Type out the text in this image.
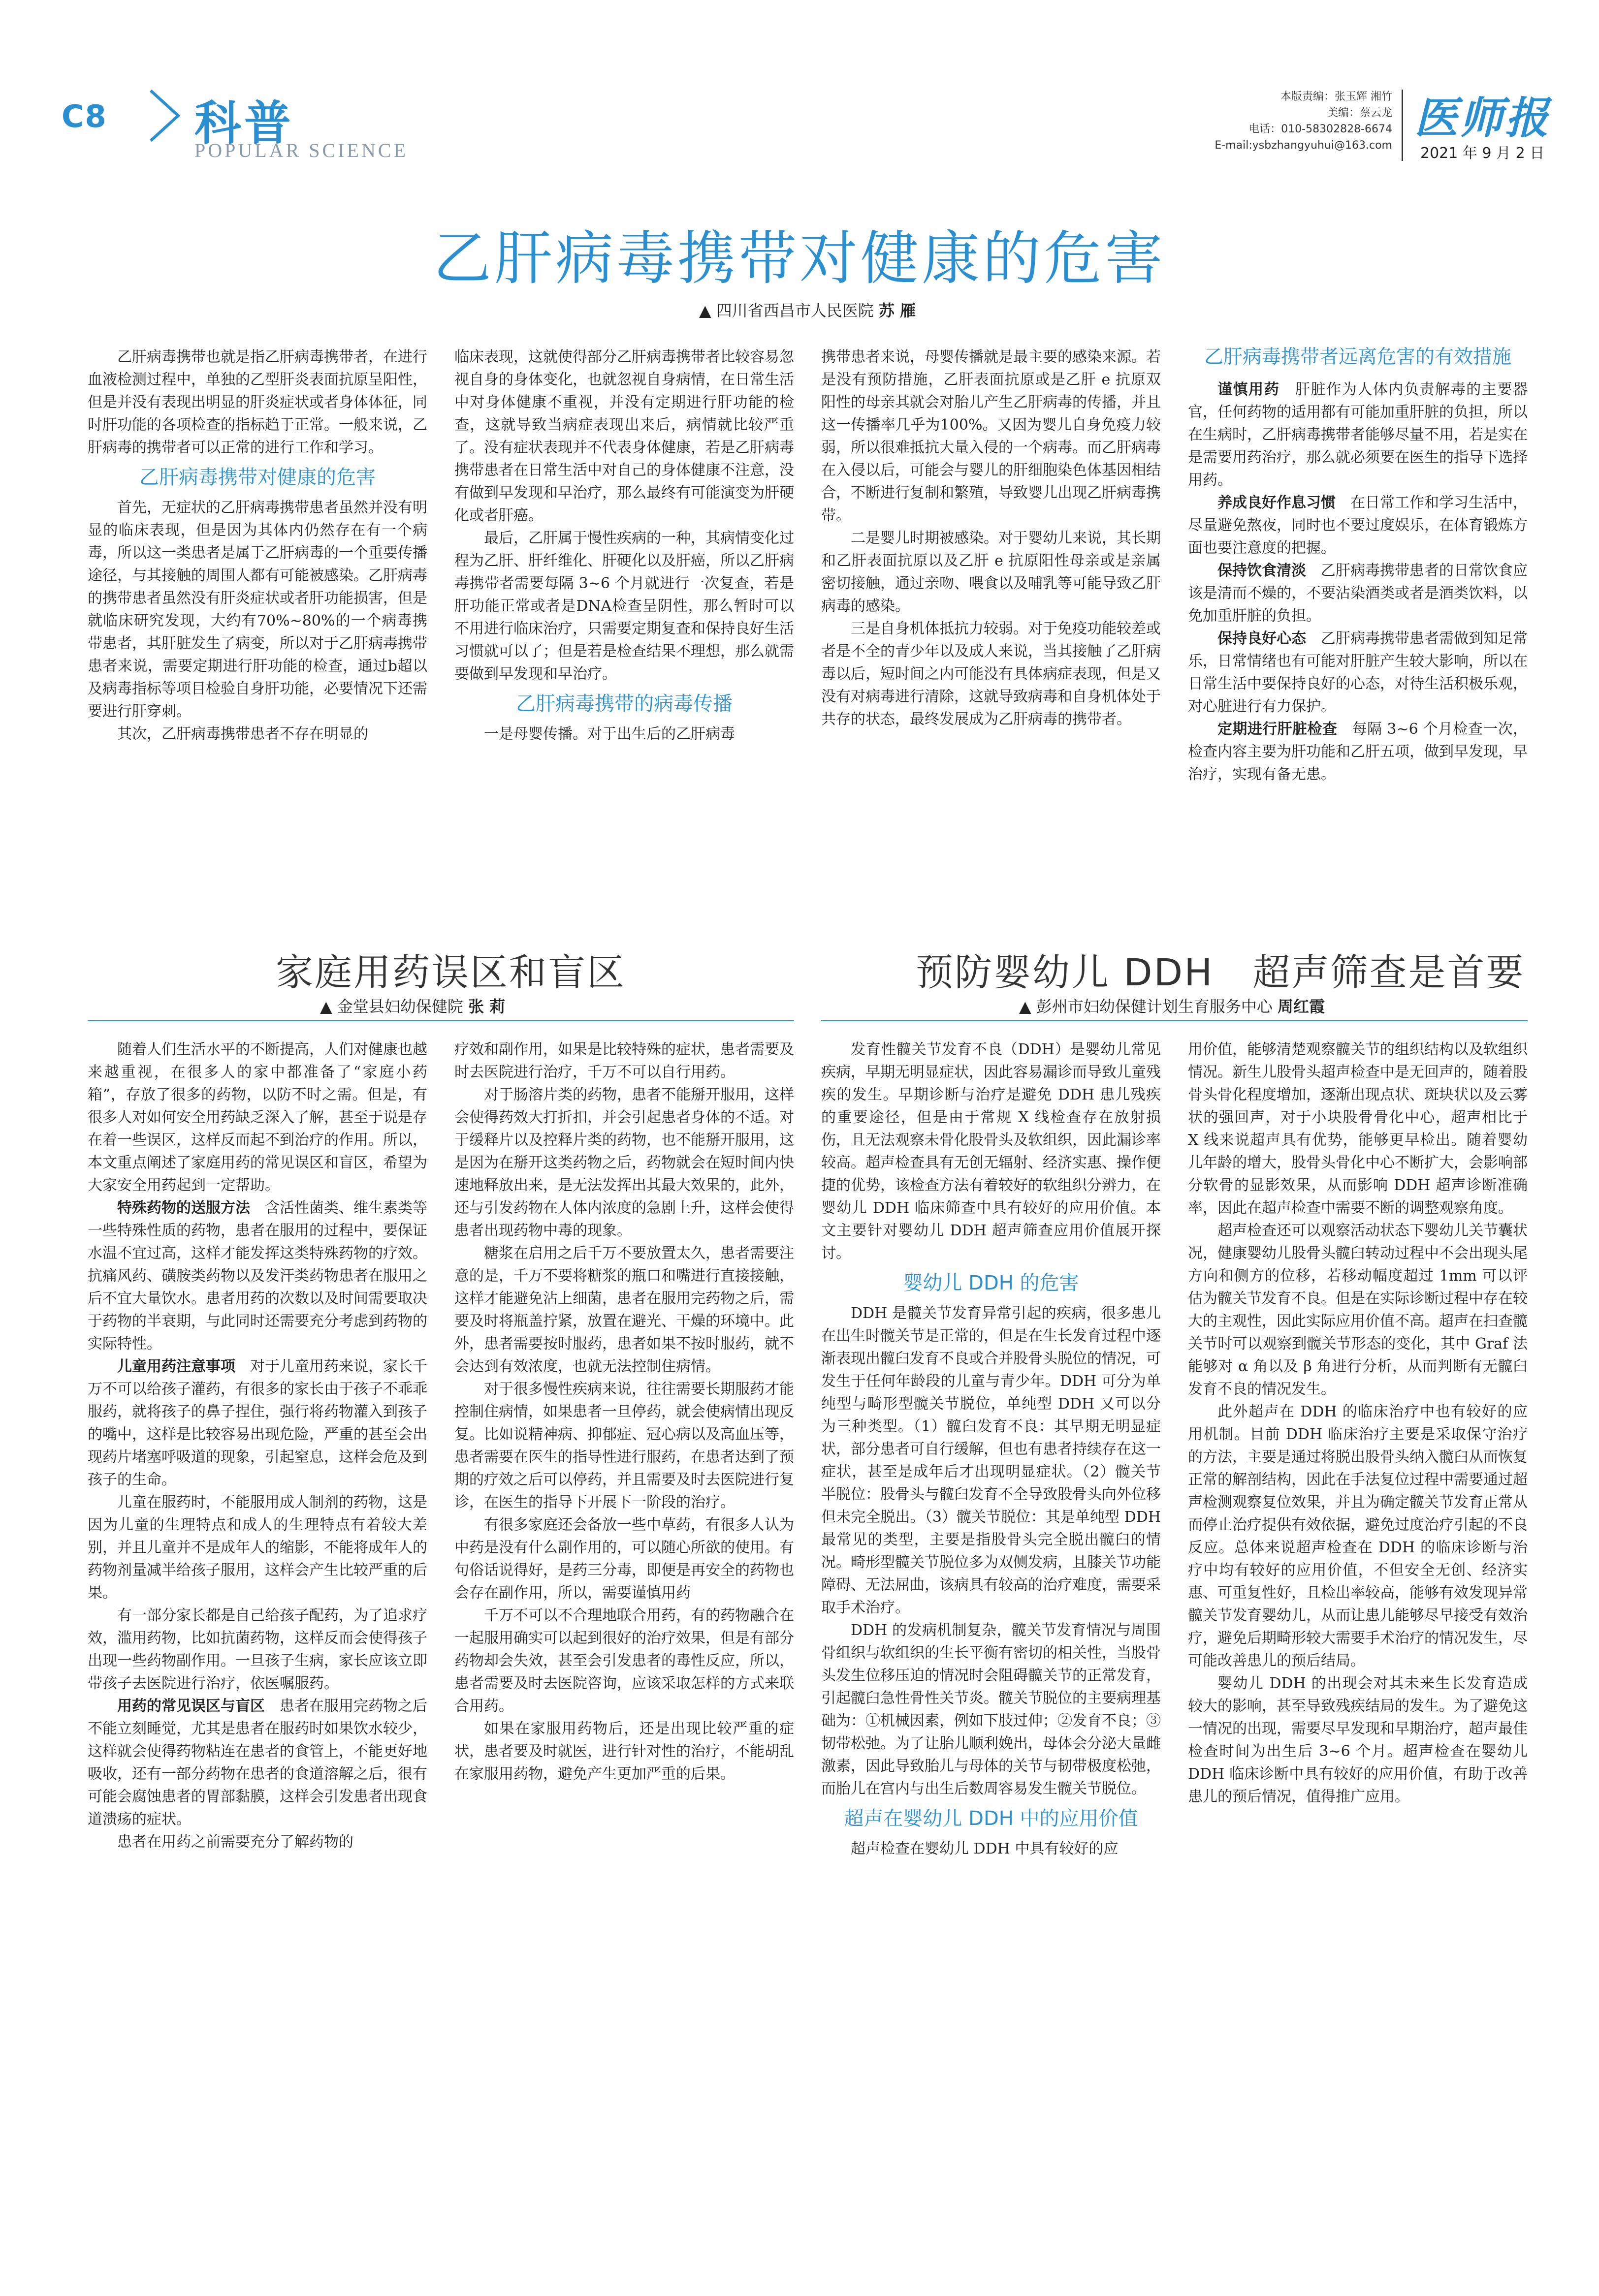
C8 科普
POPULAR SCIENCE
本版责编：张玉辉 湘竹
美编：蔡云龙
电话：010-58302828-6674
E-mail:ysbzhangyuhui@163.com
医师报
2021 年 9 月 2 日
乙肝病毒携带对健康的危害
▲ 四川省西昌市人民医院 苏 雁

乙肝病毒携带也就是指乙肝病毒携带者，在进行血液检测过程中，单独的乙型肝炎表面抗原呈阳性，但是并没有表现出明显的肝炎症状或者身体体征，同时肝功能的各项检查的指标趋于正常。一般来说，乙肝病毒的携带者可以正常的进行工作和学习。

乙肝病毒携带对健康的危害

首先，无症状的乙肝病毒携带患者虽然并没有明显的临床表现，但是因为其体内仍然存在有一个病毒，所以这一类患者是属于乙肝病毒的一个重要传播途径，与其接触的周围人都有可能被感染。乙肝病毒的携带患者虽然没有肝炎症状或者肝功能损害，但是就临床研究发现，大约有70%~80%的一个病毒携带患者，其肝脏发生了病变，所以对于乙肝病毒携带患者来说，需要定期进行肝功能的检查，通过b超以及病毒指标等项目检验自身肝功能，必要情况下还需要进行肝穿刺。

其次，乙肝病毒携带患者不存在明显的

临床表现，这就使得部分乙肝病毒携带者比较容易忽视自身的身体变化，也就忽视自身病情，在日常生活中对身体健康不重视，并没有定期进行肝功能的检查，这就导致当病症表现出来后，病情就比较严重了。没有症状表现并不代表身体健康，若是乙肝病毒携带患者在日常生活中对自己的身体健康不注意，没有做到早发现和早治疗，那么最终有可能演变为肝硬化或者肝癌。

最后，乙肝属于慢性疾病的一种，其病情变化过程为乙肝、肝纤维化、肝硬化以及肝癌，所以乙肝病毒携带者需要每隔 3~6 个月就进行一次复查，若是肝功能正常或者是DNA检查呈阴性，那么暂时可以不用进行临床治疗，只需要定期复查和保持良好生活习惯就可以了；但是若是检查结果不理想，那么就需要做到早发现和早治疗。

乙肝病毒携带的病毒传播

一是母婴传播。对于出生后的乙肝病毒

携带患者来说，母婴传播就是最主要的感染来源。若是没有预防措施，乙肝表面抗原或是乙肝 e 抗原双阳性的母亲其就会对胎儿产生乙肝病毒的传播，并且这一传播率几乎为100%。又因为婴儿自身免疫力较弱，所以很难抵抗大量入侵的一个病毒。而乙肝病毒在入侵以后，可能会与婴儿的肝细胞染色体基因相结合，不断进行复制和繁殖，导致婴儿出现乙肝病毒携带。

二是婴儿时期被感染。对于婴幼儿来说，其长期和乙肝表面抗原以及乙肝 e 抗原阳性母亲或是亲属密切接触，通过亲吻、喂食以及哺乳等可能导致乙肝病毒的感染。

三是自身机体抵抗力较弱。对于免疫功能较差或者是不全的青少年以及成人来说，当其接触了乙肝病毒以后，短时间之内可能没有具体病症表现，但是又没有对病毒进行清除，这就导致病毒和自身机体处于共存的状态，最终发展成为乙肝病毒的携带者。

乙肝病毒携带者远离危害的有效措施

谨慎用药　 肝脏作为人体内负责解毒的主要器官，任何药物的适用都有可能加重肝脏的负担，所以在生病时，乙肝病毒携带者能够尽量不用，若是实在是需要用药治疗，那么就必须要在医生的指导下选择用药。

养成良好作息习惯　 在日常工作和学习生活中，尽量避免熬夜，同时也不要过度娱乐，在体育锻炼方面也要注意度的把握。

保持饮食清淡　 乙肝病毒携带患者的日常饮食应该是清而不燥的，不要沾染酒类或者是酒类饮料，以免加重肝脏的负担。

保持良好心态　 乙肝病毒携带患者需做到知足常乐，日常情绪也有可能对肝脏产生较大影响，所以在日常生活中要保持良好的心态，对待生活积极乐观，对心脏进行有力保护。

定期进行肝脏检查　 每隔 3~6 个月检查一次，检查内容主要为肝功能和乙肝五项，做到早发现，早治疗，实现有备无患。

家庭用药误区和盲区
▲ 金堂县妇幼保健院 张 莉

随着人们生活水平的不断提高，人们对健康也越来越重视，在很多人的家中都准备了“家庭小药箱”，存放了很多的药物，以防不时之需。但是，有很多人对如何安全用药缺乏深入了解，甚至于说是存在着一些误区，这样反而起不到治疗的作用。所以，本文重点阐述了家庭用药的常见误区和盲区，希望为大家安全用药起到一定帮助。

特殊药物的送服方法　 含活性菌类、维生素类等一些特殊性质的药物，患者在服用的过程中，要保证水温不宜过高，这样才能发挥这类特殊药物的疗效。抗痛风药、磺胺类药物以及发汗类药物患者在服用之后不宜大量饮水。患者用药的次数以及时间需要取决于药物的半衰期，与此同时还需要充分考虑到药物的实际特性。

儿童用药注意事项　 对于儿童用药来说，家长千万不可以给孩子灌药，有很多的家长由于孩子不乖乖服药，就将孩子的鼻子捏住，强行将药物灌入到孩子的嘴中，这样是比较容易出现危险，严重的甚至会出现药片堵塞呼吸道的现象，引起窒息，这样会危及到孩子的生命。

儿童在服药时，不能服用成人制剂的药物，这是因为儿童的生理特点和成人的生理特点有着较大差别，并且儿童并不是成年人的缩影，不能将成年人的药物剂量减半给孩子服用，这样会产生比较严重的后果。

有一部分家长都是自己给孩子配药，为了追求疗效，滥用药物，比如抗菌药物，这样反而会使得孩子出现一些药物副作用。一旦孩子生病，家长应该立即带孩子去医院进行治疗，依医嘱服药。

用药的常见误区与盲区　 患者在服用完药物之后不能立刻睡觉，尤其是患者在服药时如果饮水较少，这样就会使得药物粘连在患者的食管上，不能更好地吸收，还有一部分药物在患者的食道溶解之后，很有可能会腐蚀患者的胃部黏膜，这样会引发患者出现食道溃疡的症状。

患者在用药之前需要充分了解药物的

疗效和副作用，如果是比较特殊的症状，患者需要及时去医院进行治疗，千万不可以自行用药。

对于肠溶片类的药物，患者不能掰开服用，这样会使得药效大打折扣，并会引起患者身体的不适。对于缓释片以及控释片类的药物，也不能掰开服用，这是因为在掰开这类药物之后，药物就会在短时间内快速地释放出来，是无法发挥出其最大效果的，此外，还与引发药物在人体内浓度的急剧上升，这样会使得患者出现药物中毒的现象。

糖浆在启用之后千万不要放置太久，患者需要注意的是，千万不要将糖浆的瓶口和嘴进行直接接触，这样才能避免沾上细菌，患者在服用完药物之后，需要及时将瓶盖拧紧，放置在避光、干燥的环境中。此外，患者需要按时服药，患者如果不按时服药，就不会达到有效浓度，也就无法控制住病情。

对于很多慢性疾病来说，往往需要长期服药才能控制住病情，如果患者一旦停药，就会使病情出现反复。比如说精神病、抑郁症、冠心病以及高血压等，患者需要在医生的指导性进行服药，在患者达到了预期的疗效之后可以停药，并且需要及时去医院进行复诊，在医生的指导下开展下一阶段的治疗。

有很多家庭还会备放一些中草药，有很多人认为中药是没有什么副作用的，可以随心所欲的使用。有句俗话说得好，是药三分毒，即便是再安全的药物也会存在副作用，所以，需要谨慎用药

千万不可以不合理地联合用药，有的药物融合在一起服用确实可以起到很好的治疗效果，但是有部分药物却会失效，甚至会引发患者的毒性反应，所以，患者需要及时去医院咨询，应该采取怎样的方式来联合用药。

如果在家服用药物后，还是出现比较严重的症状，患者要及时就医，进行针对性的治疗，不能胡乱在家服用药物，避免产生更加严重的后果。

预防婴幼儿 DDH　超声筛查是首要
▲ 彭州市妇幼保健计划生育服务中心 周红霞

发育性髋关节发育不良（DDH）是婴幼儿常见疾病，早期无明显症状，因此容易漏诊而导致儿童残疾的发生。早期诊断与治疗是避免 DDH 患儿残疾的重要途径，但是由于常规 X 线检查存在放射损伤，且无法观察未骨化股骨头及软组织，因此漏诊率较高。超声检查具有无创无辐射、经济实惠、操作便捷的优势，该检查方法有着较好的软组织分辨力，在婴幼儿 DDH 临床筛查中具有较好的应用价值。本文主要针对婴幼儿 DDH 超声筛查应用价值展开探讨。

婴幼儿 DDH 的危害

DDH 是髋关节发育异常引起的疾病，很多患儿在出生时髋关节是正常的，但是在生长发育过程中逐渐表现出髋臼发育不良或合并股骨头脱位的情况，可发生于任何年龄段的儿童与青少年。DDH 可分为单纯型与畸形型髋关节脱位，单纯型 DDH 又可以分为三种类型。（1）髋臼发育不良：其早期无明显症状，部分患者可自行缓解，但也有患者持续存在这一症状，甚至是成年后才出现明显症状。（2）髋关节半脱位：股骨头与髋臼发育不全导致股骨头向外位移但未完全脱出。（3）髋关节脱位：其是单纯型 DDH 最常见的类型，主要是指股骨头完全脱出髋臼的情况。畸形型髋关节脱位多为双侧发病，且膝关节功能障碍、无法屈曲，该病具有较高的治疗难度，需要采取手术治疗。

DDH 的发病机制复杂，髋关节发育情况与周围骨组织与软组织的生长平衡有密切的相关性，当股骨头发生位移压迫的情况时会阻碍髋关节的正常发育，引起髋臼急性骨性关节炎。髋关节脱位的主要病理基础为：①机械因素，例如下肢过伸；②发育不良；③韧带松弛。为了让胎儿顺利娩出，母体会分泌大量雌激素，因此导致胎儿与母体的关节与韧带极度松弛，而胎儿在宫内与出生后数周容易发生髋关节脱位。

超声在婴幼儿 DDH 中的应用价值

超声检查在婴幼儿 DDH 中具有较好的应

用价值，能够清楚观察髋关节的组织结构以及软组织情况。新生儿股骨头超声检查中是无回声的，随着股骨头骨化程度增加，逐渐出现点状、斑块状以及云雾状的强回声，对于小块股骨骨化中心，超声相比于 X 线来说超声具有优势，能够更早检出。随着婴幼儿年龄的增大，股骨头骨化中心不断扩大，会影响部分软骨的显影效果，从而影响 DDH 超声诊断准确率，因此在超声检查中需要不断的调整观察角度。

超声检查还可以观察活动状态下婴幼儿关节囊状况，健康婴幼儿股骨头髋臼转动过程中不会出现头尾方向和侧方的位移，若移动幅度超过 1mm 可以评估为髋关节发育不良。但是在实际诊断过程中存在较大的主观性，因此实际应用价值不高。超声在扫查髋关节时可以观察到髋关节形态的变化，其中 Graf 法能够对 α 角以及 β 角进行分析，从而判断有无髋臼发育不良的情况发生。

此外超声在 DDH 的临床治疗中也有较好的应用机制。目前 DDH 临床治疗主要是采取保守治疗的方法，主要是通过将脱出股骨头纳入髋臼从而恢复正常的解剖结构，因此在手法复位过程中需要通过超声检测观察复位效果，并且为确定髋关节发育正常从而停止治疗提供有效依据，避免过度治疗引起的不良反应。总体来说超声检查在 DDH 的临床诊断与治疗中均有较好的应用价值，不但安全无创、经济实惠、可重复性好，且检出率较高，能够有效发现异常髋关节发育婴幼儿，从而让患儿能够尽早接受有效治疗，避免后期畸形较大需要手术治疗的情况发生，尽可能改善患儿的预后结局。

婴幼儿 DDH 的出现会对其未来生长发育造成较大的影响，甚至导致残疾结局的发生。为了避免这一情况的出现，需要尽早发现和早期治疗，超声最佳检查时间为出生后 3~6 个月。超声检查在婴幼儿 DDH 临床诊断中具有较好的应用价值，有助于改善患儿的预后情况，值得推广应用。
